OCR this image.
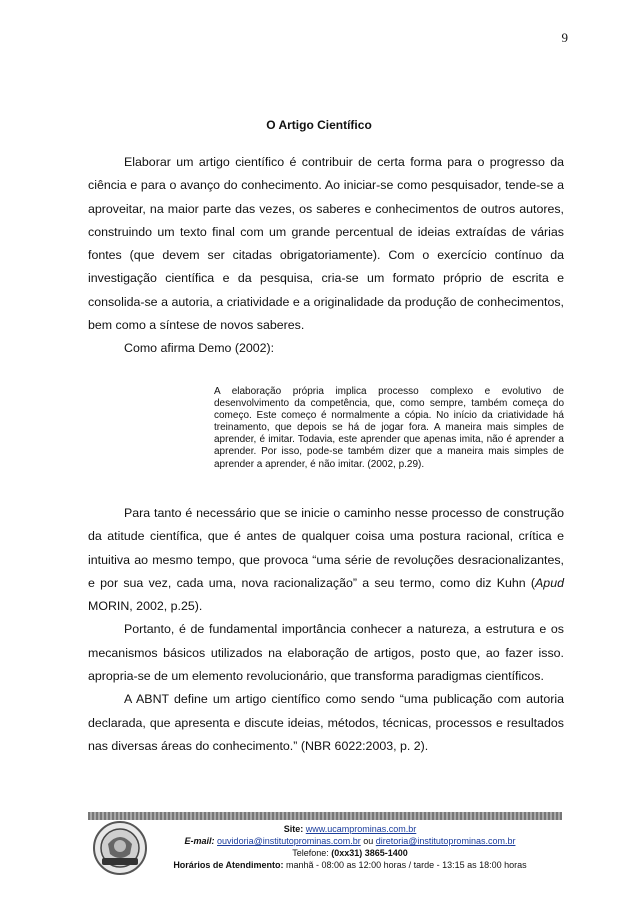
9
O Artigo Científico

Elaborar um artigo científico é contribuir de certa forma para o progresso da ciência e para o avanço do conhecimento. Ao iniciar-se como pesquisador, tende-se a aproveitar, na maior parte das vezes, os saberes e conhecimentos de outros autores, construindo um texto final com um grande percentual de ideias extraídas de várias fontes (que devem ser citadas obrigatoriamente). Com o exercício contínuo da investigação científica e da pesquisa, cria-se um formato próprio de escrita e consolida-se a autoria, a criatividade e a originalidade da produção de conhecimentos, bem como a síntese de novos saberes.

Como afirma Demo (2002):

A elaboração própria implica processo complexo e evolutivo de desenvolvimento da competência, que, como sempre, também começa do começo. Este começo é normalmente a cópia. No início da criatividade há treinamento, que depois se há de jogar fora. A maneira mais simples de aprender, é imitar. Todavia, este aprender que apenas imita, não é aprender a aprender. Por isso, pode-se também dizer que a maneira mais simples de aprender a aprender, é não imitar. (2002, p.29).

Para tanto é necessário que se inicie o caminho nesse processo de construção da atitude científica, que é antes de qualquer coisa uma postura racional, crítica e intuitiva ao mesmo tempo, que provoca “uma série de revoluções desracionalizantes, e por sua vez, cada uma, nova racionalização” a seu termo, como diz Kuhn (Apud MORIN, 2002, p.25).

Portanto, é de fundamental importância conhecer a natureza, a estrutura e os mecanismos básicos utilizados na elaboração de artigos, posto que, ao fazer isso. apropria-se de um elemento revolucionário, que transforma paradigmas científicos.

A ABNT define um artigo científico como sendo “uma publicação com autoria declarada, que apresenta e discute ideias, métodos, técnicas, processos e resultados nas diversas áreas do conhecimento.” (NBR 6022:2003, p. 2).

Site: www.ucamprominas.com.br
E-mail: ouvidoria@institutoprominas.com.br ou diretoria@institutoprominas.com.br
Telefone: (0xx31) 3865-1400
Horários de Atendimento: manhã - 08:00 as 12:00 horas / tarde - 13:15 as 18:00 horas
